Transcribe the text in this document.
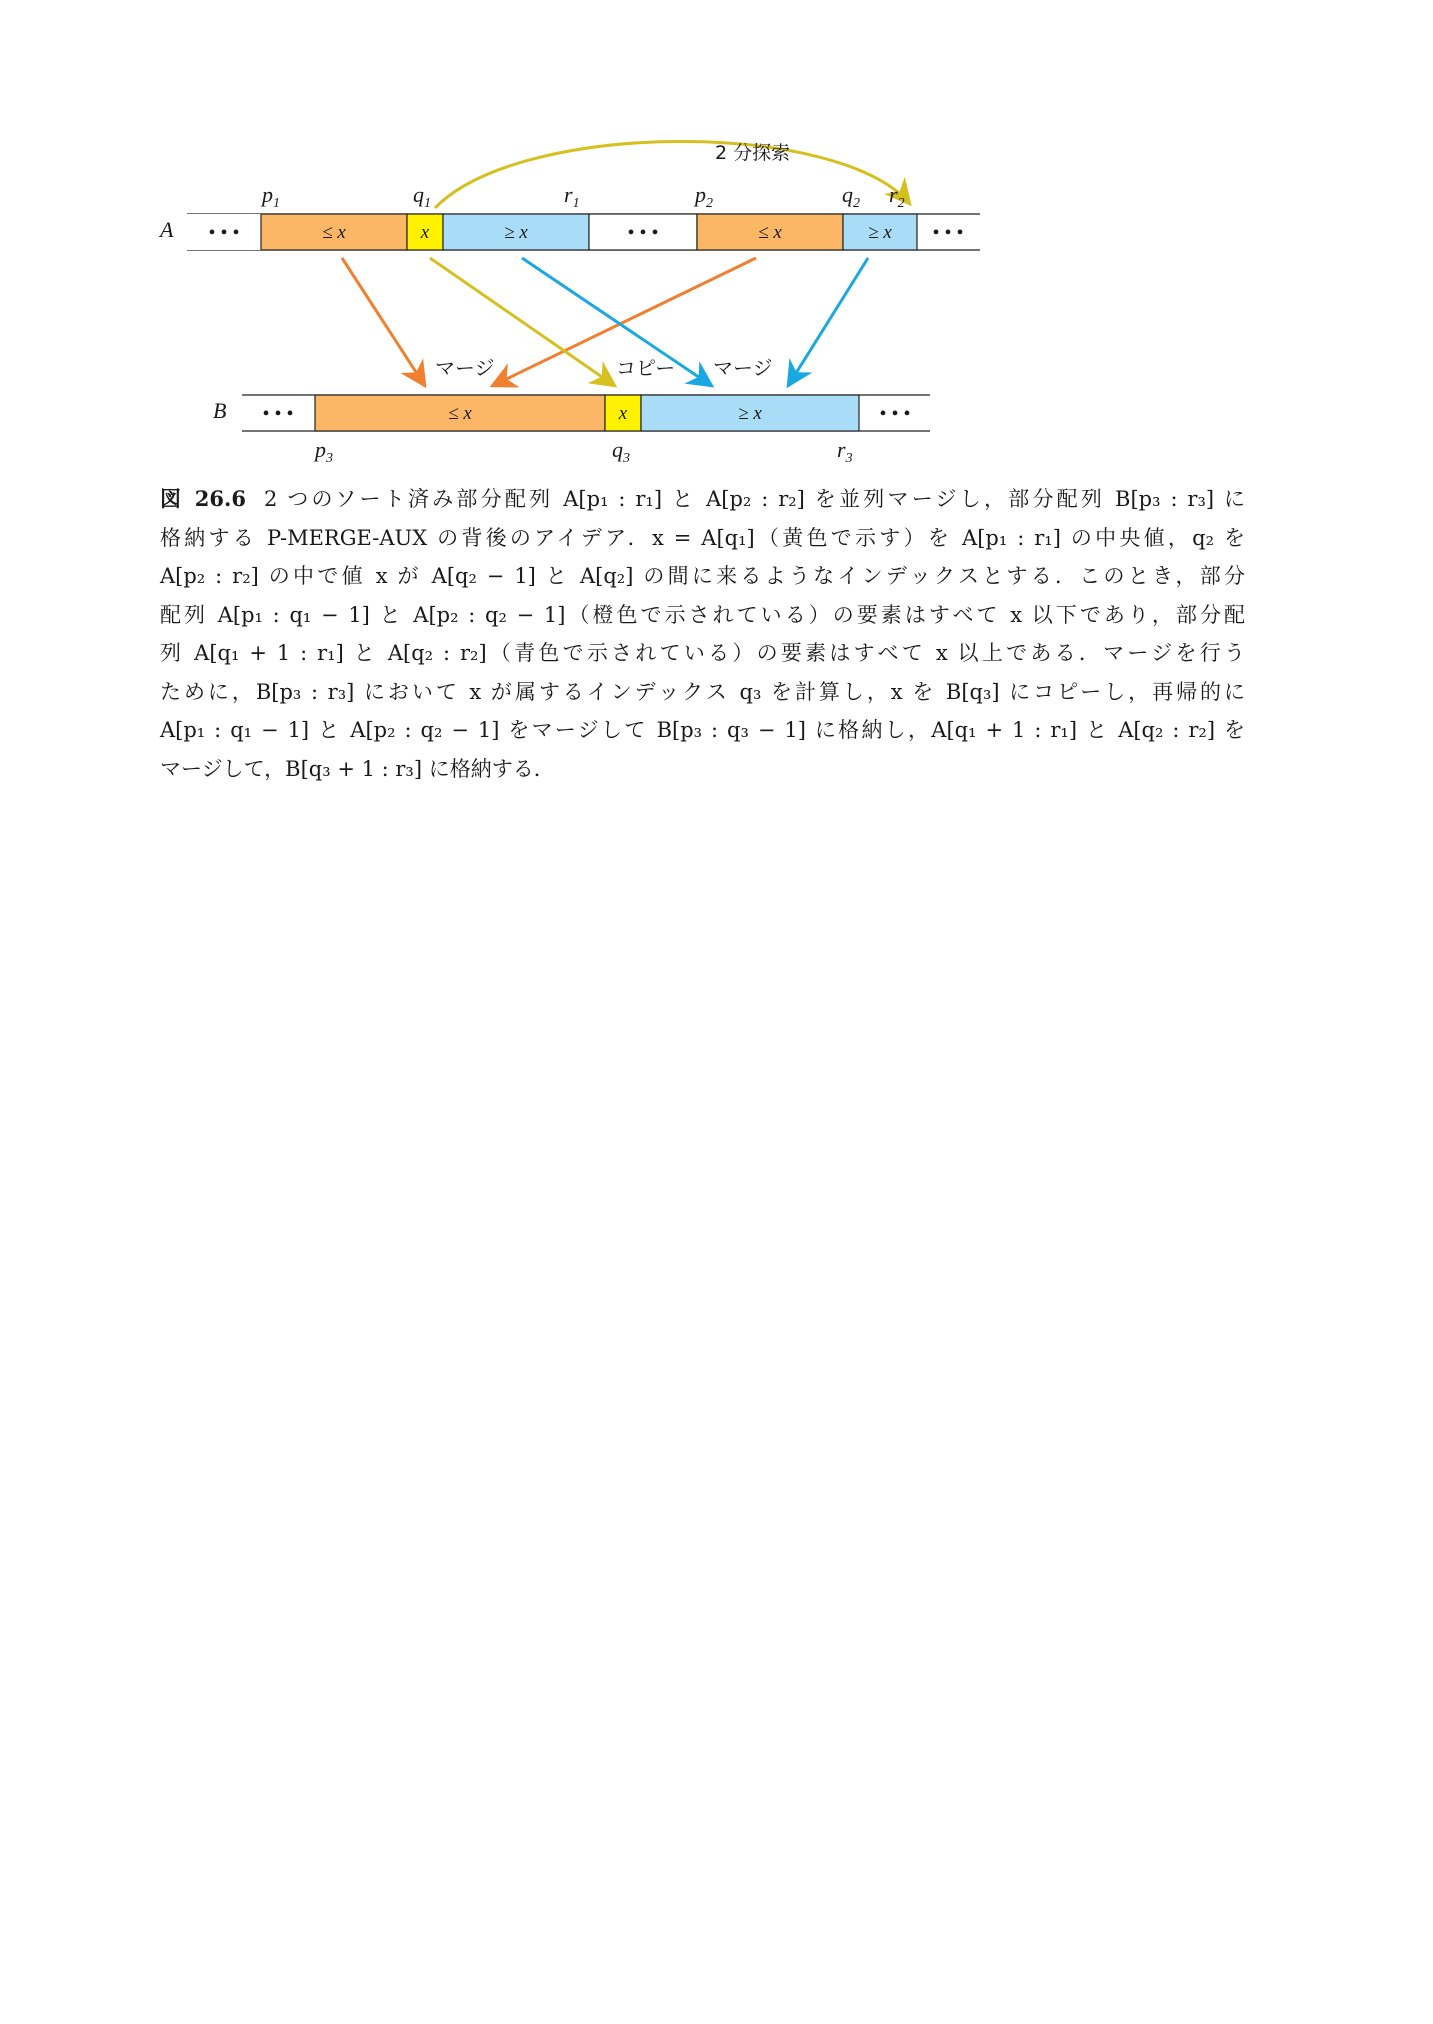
2 分探索
$p_1$	$q_1$	$r_1$	$p_2$	$q_2$ $r_2$
A • • •	≤ x	x	≥ x	• • •	≤ x	≥ x • • •
マージ	コピー マージ
B • • •	≤ x	x	≥ x	• • •
$p_3$	$q_3$	$r_3$

図 26.6 2 つのソート済み部分配列 A[p₁ : r₁] と A[p₂ : r₂] を並列マージし，部分配列 B[p₃ : r₃] に

格納する P-MERGE-AUX の背後のアイデア．x = A[q₁]（黄色で示す）を A[p₁ : r₁] の中央値，q₂ を

A[p₂ : r₂] の中で値 x が A[q₂ − 1] と A[q₂] の間に来るようなインデックスとする．このとき，部分

配列 A[p₁ : q₁ − 1] と A[p₂ : q₂ − 1]（橙色で示されている）の要素はすべて x 以下であり，部分配

列 A[q₁ + 1 : r₁] と A[q₂ : r₂]（青色で示されている）の要素はすべて x 以上である．マージを行う

ために，B[p₃ : r₃] において x が属するインデックス q₃ を計算し，x を B[q₃] にコピーし，再帰的に

A[p₁ : q₁ − 1] と A[p₂ : q₂ − 1] をマージして B[p₃ : q₃ − 1] に格納し，A[q₁ + 1 : r₁] と A[q₂ : r₂] を

マージして，B[q₃ + 1 : r₃] に格納する．
